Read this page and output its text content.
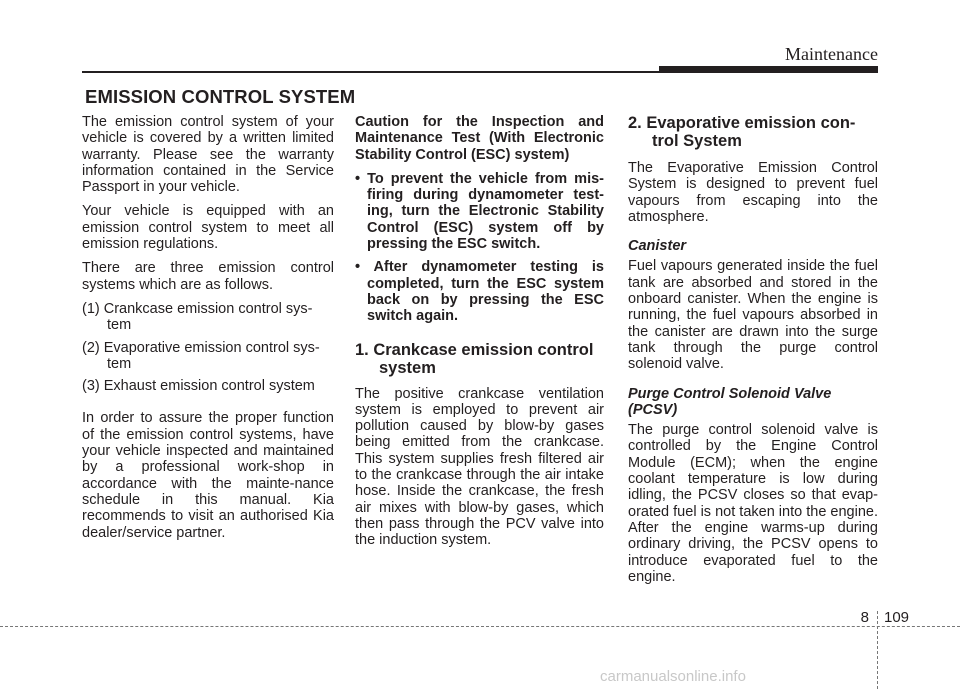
Maintenance
EMISSION CONTROL SYSTEM

The emission control system of your vehicle is covered by a written limited warranty. Please see the warranty information contained in the Service Passport in your vehicle.

Your vehicle is equipped with an emission control system to meet all emission regulations.

There are three emission control systems which are as follows.

(1) Crankcase emission control sys-tem
(2) Evaporative emission control sys-tem
(3) Exhaust emission control system

In order to assure the proper function of the emission control systems, have your vehicle inspected and maintained by a professional work-shop in accordance with the mainte-nance schedule in this manual. Kia recommends to visit an authorised Kia dealer/service partner.

Caution for the Inspection and Maintenance Test (With Electronic Stability Control (ESC) system)

• To prevent the vehicle from mis-firing during dynamometer test-ing, turn the Electronic Stability Control (ESC) system off by pressing the ESC switch.
• After dynamometer testing is completed, turn the ESC system back on by pressing the ESC switch again.
1. Crankcase emission control
system

The positive crankcase ventilation system is employed to prevent air pollution caused by blow-by gases being emitted from the crankcase. This system supplies fresh filtered air to the crankcase through the air intake hose. Inside the crankcase, the fresh air mixes with blow-by gases, which then pass through the PCV valve into the induction system.

2. Evaporative emission con-
trol System

The Evaporative Emission Control System is designed to prevent fuel vapours from escaping into the atmosphere.

Canister

Fuel vapours generated inside the fuel tank are absorbed and stored in the onboard canister. When the engine is running, the fuel vapours absorbed in the canister are drawn into the surge tank through the purge control solenoid valve.

Purge Control Solenoid Valve (PCSV)

The purge control solenoid valve is controlled by the Engine Control Module (ECM); when the engine coolant temperature is low during idling, the PCSV closes so that evap-orated fuel is not taken into the engine. After the engine warms-up during ordinary driving, the PCSV opens to introduce evaporated fuel to the engine.

8 109
carmanualsonline.info
